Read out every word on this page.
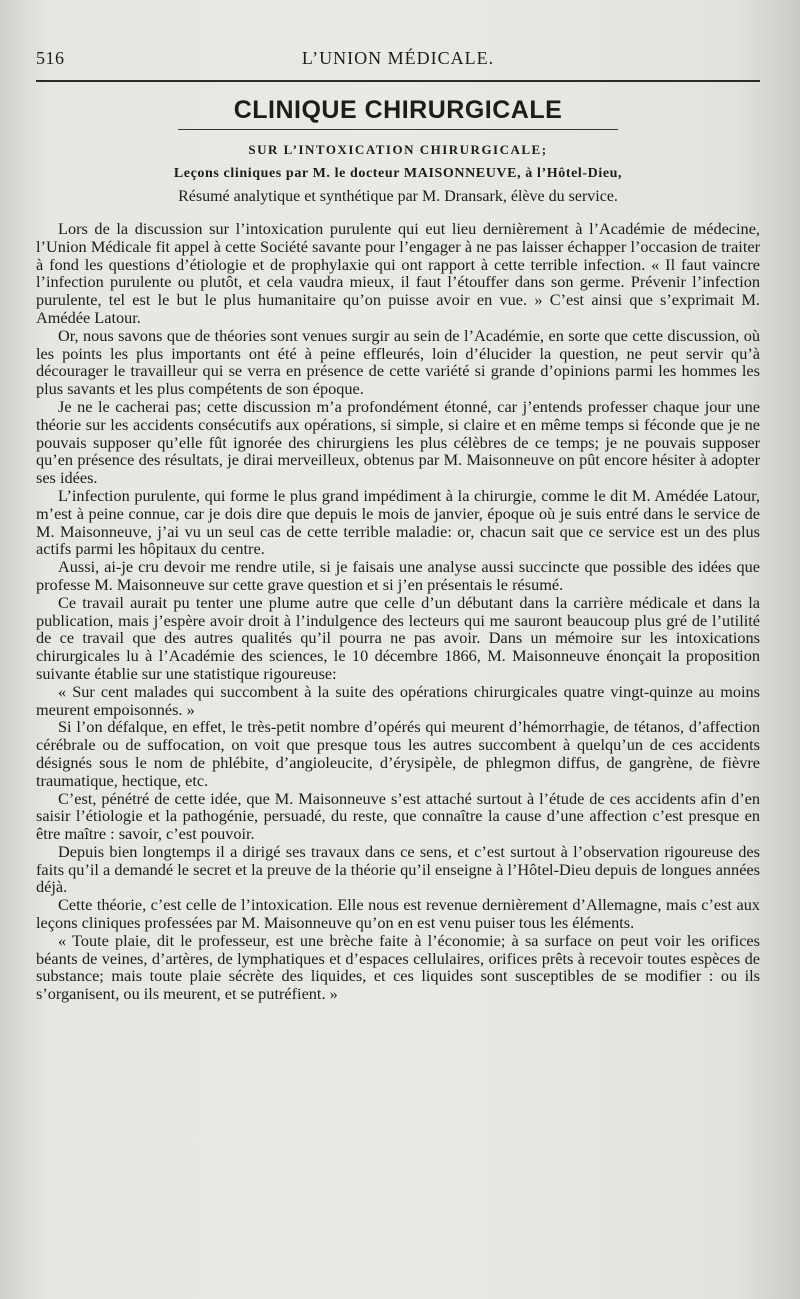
516	L’UNION MÉDICALE.
CLINIQUE CHIRURGICALE
SUR L’INTOXICATION CHIRURGICALE;
Leçons cliniques par M. le docteur MAISONNEUVE, à l’Hôtel-Dieu,
Résumé analytique et synthétique par M. Dransark, élève du service.

Lors de la discussion sur l’intoxication purulente qui eut lieu dernièrement à l’Académie de médecine, l’Union Médicale fit appel à cette Société savante pour l’engager à ne pas laisser échapper l’occasion de traiter à fond les questions d’étiologie et de prophylaxie qui ont rapport à cette terrible infection. « Il faut vaincre l’infection purulente ou plutôt, et cela vaudra mieux, il faut l’étouffer dans son germe. Prévenir l’infection purulente, tel est le but le plus humanitaire qu’on puisse avoir en vue. » C’est ainsi que s’exprimait M. Amédée Latour.

Or, nous savons que de théories sont venues surgir au sein de l’Académie, en sorte que cette discussion, où les points les plus importants ont été à peine effleurés, loin d’élucider la question, ne peut servir qu’à décourager le travailleur qui se verra en présence de cette variété si grande d’opinions parmi les hommes les plus savants et les plus compétents de son époque.

Je ne le cacherai pas; cette discussion m’a profondément étonné, car j’entends professer chaque jour une théorie sur les accidents consécutifs aux opérations, si simple, si claire et en même temps si féconde que je ne pouvais supposer qu’elle fût ignorée des chirurgiens les plus célèbres de ce temps; je ne pouvais supposer qu’en présence des résultats, je dirai merveilleux, obtenus par M. Maisonneuve on pût encore hésiter à adopter ses idées.

L’infection purulente, qui forme le plus grand impédiment à la chirurgie, comme le dit M. Amédée Latour, m’est à peine connue, car je dois dire que depuis le mois de janvier, époque où je suis entré dans le service de M. Maisonneuve, j’ai vu un seul cas de cette terrible maladie: or, chacun sait que ce service est un des plus actifs parmi les hôpitaux du centre.

Aussi, ai-je cru devoir me rendre utile, si je faisais une analyse aussi succincte que possible des idées que professe M. Maisonneuve sur cette grave question et si j’en présentais le résumé.

Ce travail aurait pu tenter une plume autre que celle d’un débutant dans la carrière médicale et dans la publication, mais j’espère avoir droit à l’indulgence des lecteurs qui me sauront beaucoup plus gré de l’utilité de ce travail que des autres qualités qu’il pourra ne pas avoir. Dans un mémoire sur les intoxications chirurgicales lu à l’Académie des sciences, le 10 décembre 1866, M. Maisonneuve énonçait la proposition suivante établie sur une statistique rigoureuse:

« Sur cent malades qui succombent à la suite des opérations chirurgicales quatre vingt-quinze au moins meurent empoisonnés. »

Si l’on défalque, en effet, le très-petit nombre d’opérés qui meurent d’hémorrhagie, de tétanos, d’affection cérébrale ou de suffocation, on voit que presque tous les autres succombent à quelqu’un de ces accidents désignés sous le nom de phlébite, d’angioleucite, d’érysipèle, de phlegmon diffus, de gangrène, de fièvre traumatique, hectique, etc.

C’est, pénétré de cette idée, que M. Maisonneuve s’est attaché surtout à l’étude de ces accidents afin d’en saisir l’étiologie et la pathogénie, persuadé, du reste, que connaître la cause d’une affection c’est presque en être maître : savoir, c’est pouvoir.

Depuis bien longtemps il a dirigé ses travaux dans ce sens, et c’est surtout à l’observation rigoureuse des faits qu’il a demandé le secret et la preuve de la théorie qu’il enseigne à l’Hôtel-Dieu depuis de longues années déjà.

Cette théorie, c’est celle de l’intoxication. Elle nous est revenue dernièrement d’Allemagne, mais c’est aux leçons cliniques professées par M. Maisonneuve qu’on en est venu puiser tous les éléments.

« Toute plaie, dit le professeur, est une brèche faite à l’économie; à sa surface on peut voir les orifices béants de veines, d’artères, de lymphatiques et d’espaces cellulaires, orifices prêts à recevoir toutes espèces de substance; mais toute plaie sécrète des liquides, et ces liquides sont susceptibles de se modifier : ou ils s’organisent, ou ils meurent, et se putréfient. »
